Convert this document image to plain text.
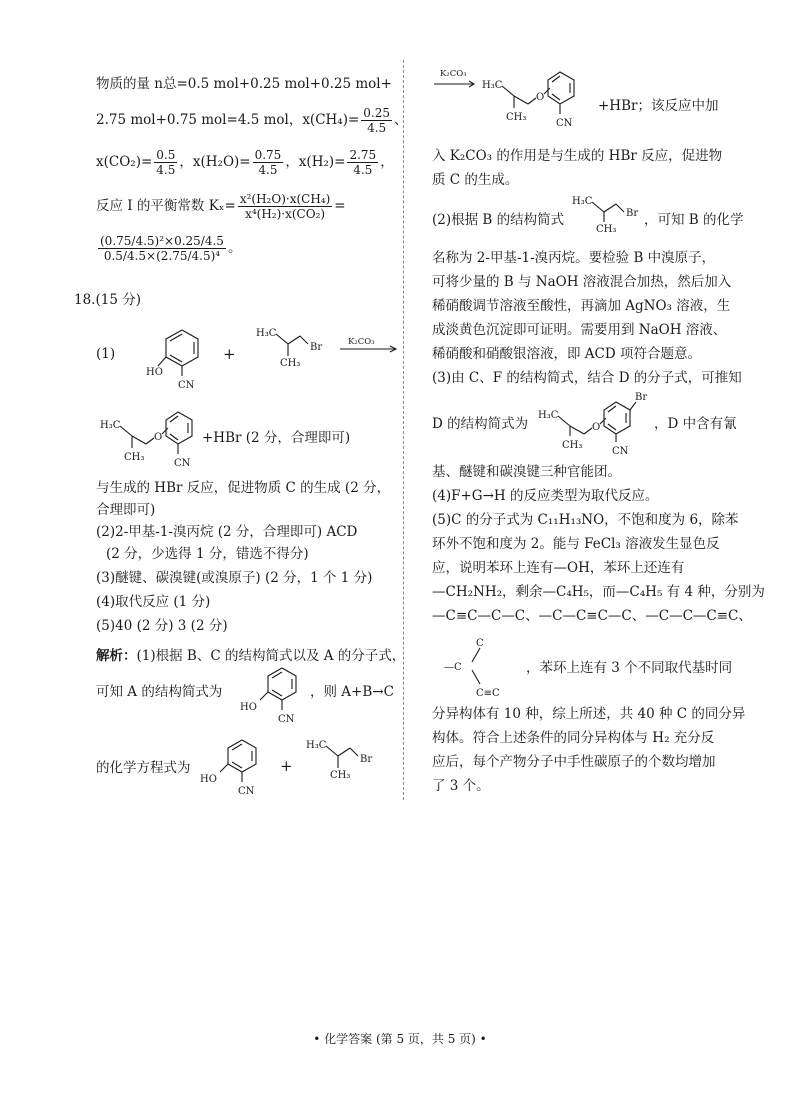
物质的量 n总=0.5 mol+0.25 mol+0.25 mol+
2.75 mol+0.75 mol=4.5 mol，$x(CH_4)= \frac{0.25}{4.5}$ 、
$x(CO_2)= \frac{0.5}{4.5}$ ，$x(H_2O)= \frac{0.75}{4.5}$ ，$x(H_2)= \frac{2.75}{4.5}$ ，
反应 Ⅰ 的平衡常数 $K_x= \frac{\text{x²(H₂O)·x(CH₄)}}{\text{x⁴(H₂)·x(CO₂)}}$ =
$\frac{\text{(0.75/4.5)²×0.25/4.5}}{\text{0.5/4.5×(2.75/4.5)⁴}}$ 。
18.(15 分)
(1)
HO
CN
+
H₃C
Br
CH₃
K₂CO₃
H₃C
CH₃
O
CN
+HBr (2 分，合理即可)
与生成的 HBr 反应，促进物质 C 的生成 (2 分，
合理即可)
(2)2-甲基-1-溴丙烷 (2 分，合理即可) ACD
(2 分，少选得 1 分，错选不得分)
(3)醚键、碳溴键(或溴原子) (2 分，1 个 1 分)
(4)取代反应 (1 分)
(5)40 (2 分) 3 (2 分)
解析：(1)根据 B、C 的结构简式以及 A 的分子式，
可知 A 的结构简式为
HO
CN
，则 A+B→C
的化学方程式为
HO
CN
+
H₃C
Br
CH₃
K₂CO₃
H₃C
CH₃
O
CN
+HBr；该反应中加
入 K₂CO₃ 的作用是与生成的 HBr 反应，促进物
质 C 的生成。
(2)根据 B 的结构简式
H₃C
Br
CH₃
，可知 B 的化学
名称为 2-甲基-1-溴丙烷。要检验 B 中溴原子，
可将少量的 B 与 NaOH 溶液混合加热，然后加入
稀硝酸调节溶液至酸性，再滴加 AgNO₃ 溶液，生
成淡黄色沉淀即可证明。需要用到 NaOH 溶液、
稀硝酸和硝酸银溶液，即 ACD 项符合题意。
(3)由 C、F 的结构简式，结合 D 的分子式，可推知
D 的结构简式为
H₃C
CH₃
O
Br
CN
，D 中含有氰
基、醚键和碳溴键三种官能团。
(4)F+G→H 的反应类型为取代反应。
(5)C 的分子式为 C₁₁H₁₃NO，不饱和度为 6，除苯
环外不饱和度为 2。能与 FeCl₃ 溶液发生显色反
应，说明苯环上连有—OH，苯环上还连有
—CH₂NH₂，剩余—C₄H₅，而—C₄H₅ 有 4 种，分别为
—C≡C—C—C、—C—C≡C—C、—C—C—C≡C、
C
—C
C≡C
，苯环上连有 3 个不同取代基时同
分异构体有 10 种，综上所述，共 40 种 C 的同分异
构体。符合上述条件的同分异构体与 H₂ 充分反
应后，每个产物分子中手性碳原子的个数均增加
了 3 个。
• 化学答案 (第 5 页，共 5 页) •
